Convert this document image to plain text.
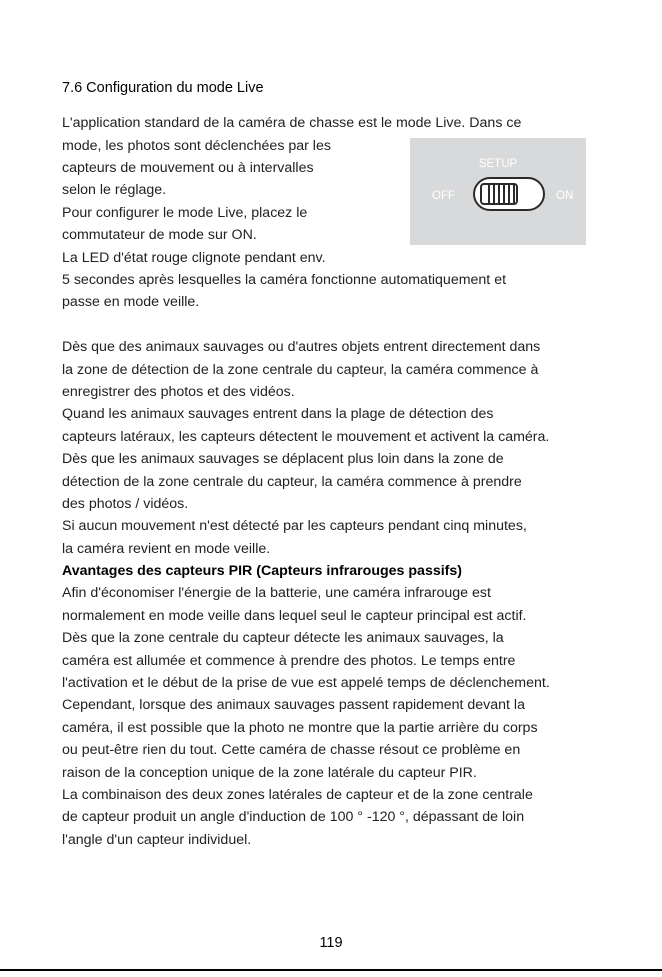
7.6 Configuration du mode Live
L'application standard de la caméra de chasse est le mode Live. Dans ce
mode, les photos sont déclenchées par les
capteurs de mouvement ou à intervalles
selon le réglage.
Pour configurer le mode Live, placez le
commutateur de mode sur ON.
La LED d'état rouge clignote pendant env.
5 secondes après lesquelles la caméra fonctionne automatiquement et
passe en mode veille.
Dès que des animaux sauvages ou d'autres objets entrent directement dans
la zone de détection de la zone centrale du capteur, la caméra commence à
enregistrer des photos et des vidéos.
Quand les animaux sauvages entrent dans la plage de détection des
capteurs latéraux, les capteurs détectent le mouvement et activent la caméra.
Dès que les animaux sauvages se déplacent plus loin dans la zone de
détection de la zone centrale du capteur, la caméra commence à prendre
des photos / vidéos.
Si aucun mouvement n'est détecté par les capteurs pendant cinq minutes,
la caméra revient en mode veille.
Avantages des capteurs PIR (Capteurs infrarouges passifs)
Afin d'économiser l'énergie de la batterie, une caméra infrarouge est
normalement en mode veille dans lequel seul le capteur principal est actif.
Dès que la zone centrale du capteur détecte les animaux sauvages, la
caméra est allumée et commence à prendre des photos. Le temps entre
l'activation et le début de la prise de vue est appelé temps de déclenchement.
Cependant, lorsque des animaux sauvages passent rapidement devant la
caméra, il est possible que la photo ne montre que la partie arrière du corps
ou peut-être rien du tout. Cette caméra de chasse résout ce problème en
raison de la conception unique de la zone latérale du capteur PIR.
La combinaison des deux zones latérales de capteur et de la zone centrale
de capteur produit un angle d'induction de 100 ° -120 °, dépassant de loin
l'angle d'un capteur individuel.
SETUP
OFF	ON
119
